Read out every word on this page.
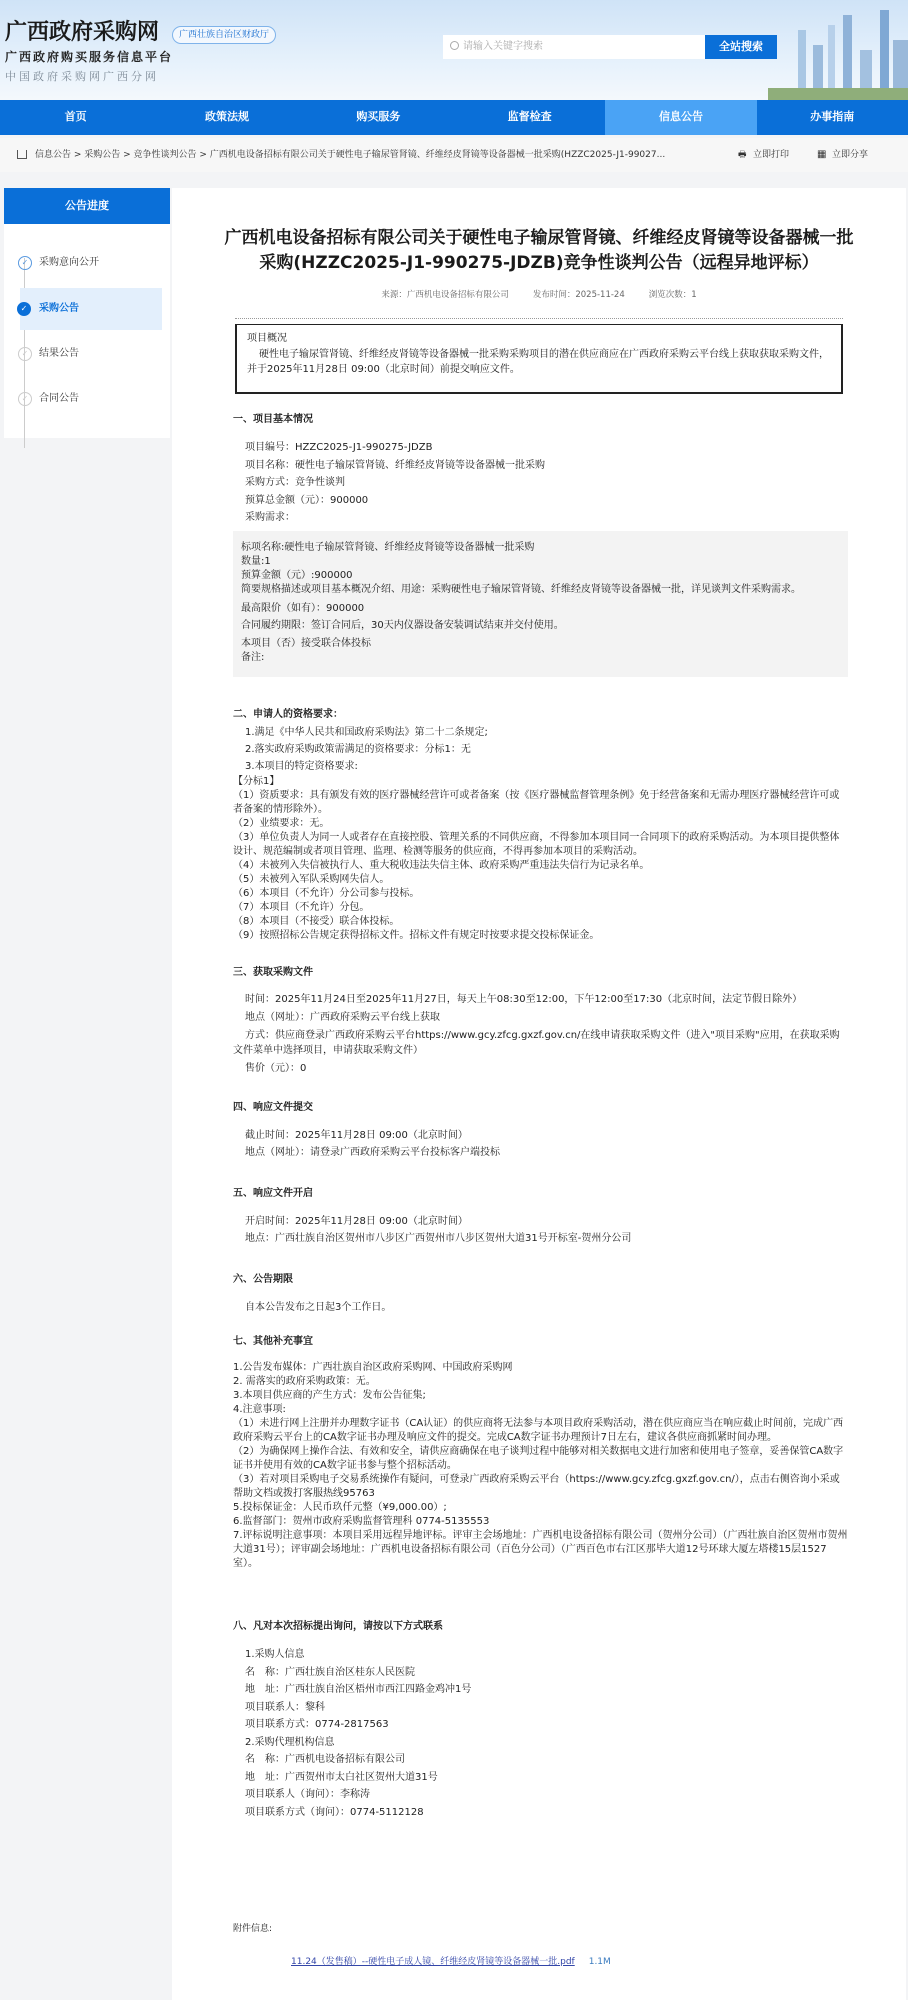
广西政府采购网	广西壮族自治区财政厅
广西政府购买服务信息平台
中国政府采购网广西分网
请输入关键字搜索	全站搜索
首页	政策法规	购买服务	监督检查	信息公告	办事指南
信息公告 > 采购公告 > 竞争性谈判公告 > 广西机电设备招标有限公司关于硬性电子输尿管肾镜、纤维经皮肾镜等设备器械一批采购(HZZC2025-J1-99027...	🖶 立即打印	▦ 立即分享
公告进度
✓	采购意向公开
✓	采购公告
✓	结果公告
✓	合同公告
广西机电设备招标有限公司关于硬性电子输尿管肾镜、纤维经皮肾镜等设备器械一批
采购(HZZC2025-J1-990275-JDZB)竞争性谈判公告（远程异地评标）
来源：广西机电设备招标有限公司	发布时间：2025-11-24	浏览次数：1
项目概况
硬性电子输尿管肾镜、纤维经皮肾镜等设备器械一批采购采购项目的潜在供应商应在广西政府采购云平台线上获取获取采购文件，并于2025年11月28日 09:00（北京时间）前提交响应文件。
一、项目基本情况
项目编号：HZZC2025-J1-990275-JDZB
项目名称：硬性电子输尿管肾镜、纤维经皮肾镜等设备器械一批采购
采购方式：竞争性谈判
预算总金额（元）：900000
采购需求：
标项名称:硬性电子输尿管肾镜、纤维经皮肾镜等设备器械一批采购
数量:1
预算金额（元）:900000
简要规格描述或项目基本概况介绍、用途：采购硬性电子输尿管肾镜、纤维经皮肾镜等设备器械一批，详见谈判文件采购需求。
最高限价（如有）：900000
合同履约期限：签订合同后，30天内仪器设备安装调试结束并交付使用。
本项目（否）接受联合体投标
备注:
二、申请人的资格要求：
1.满足《中华人民共和国政府采购法》第二十二条规定;
2.落实政府采购政策需满足的资格要求：分标1：无
3.本项目的特定资格要求:
【分标1】
（1）资质要求：具有颁发有效的医疗器械经营许可或者备案（按《医疗器械监督管理条例》免于经营备案和无需办理医疗器械经营许可或者备案的情形除外）。
（2）业绩要求：无。
（3）单位负责人为同一人或者存在直接控股、管理关系的不同供应商，不得参加本项目同一合同项下的政府采购活动。为本项目提供整体设计、规范编制或者项目管理、监理、检测等服务的供应商，不得再参加本项目的采购活动。
（4）未被列入失信被执行人、重大税收违法失信主体、政府采购严重违法失信行为记录名单。
（5）未被列入军队采购网失信人。
（6）本项目（不允许）分公司参与投标。
（7）本项目（不允许）分包。
（8）本项目（不接受）联合体投标。
（9）按照招标公告规定获得招标文件。招标文件有规定时按要求提交投标保证金。
三、获取采购文件
时间：2025年11月24日至2025年11月27日，每天上午08:30至12:00，下午12:00至17:30（北京时间，法定节假日除外）
地点（网址）：广西政府采购云平台线上获取
方式：供应商登录广西政府采购云平台https://www.gcy.zfcg.gxzf.gov.cn/在线申请获取采购文件（进入"项目采购"应用，在获取采购文件菜单中选择项目，申请获取采购文件）
售价（元）：0
四、响应文件提交
截止时间：2025年11月28日 09:00（北京时间）
地点（网址）：请登录广西政府采购云平台投标客户端投标
五、响应文件开启
开启时间：2025年11月28日 09:00（北京时间）
地点：广西壮族自治区贺州市八步区广西贺州市八步区贺州大道31号开标室-贺州分公司
六、公告期限
自本公告发布之日起3个工作日。
七、其他补充事宜
1.公告发布媒体：广西壮族自治区政府采购网、中国政府采购网
2. 需落实的政府采购政策：无。
3.本项目供应商的产生方式：发布公告征集;
4.注意事项:
（1）未进行网上注册并办理数字证书（CA认证）的供应商将无法参与本项目政府采购活动，潜在供应商应当在响应截止时间前，完成广西政府采购云平台上的CA数字证书办理及响应文件的提交。完成CA数字证书办理预计7日左右，建议各供应商抓紧时间办理。
（2）为确保网上操作合法、有效和安全，请供应商确保在电子谈判过程中能够对相关数据电文进行加密和使用电子签章，妥善保管CA数字证书并使用有效的CA数字证书参与整个招标活动。
（3）若对项目采购电子交易系统操作有疑问，可登录广西政府采购云平台（https://www.gcy.zfcg.gxzf.gov.cn/），点击右侧咨询小采或帮助文档或拨打客服热线95763
5.投标保证金：人民币玖仟元整（¥9,000.00）;
6.监督部门：贺州市政府采购监督管理科 0774-5135553
7.评标说明注意事项：本项目采用远程异地评标。评审主会场地址：广西机电设备招标有限公司（贺州分公司）（广西壮族自治区贺州市贺州大道31号）；评审副会场地址：广西机电设备招标有限公司（百色分公司）（广西百色市右江区那毕大道12号环球大厦左塔楼15层1527室）。
八、凡对本次招标提出询问，请按以下方式联系
1.采购人信息
名　称：广西壮族自治区桂东人民医院
地　址：广西壮族自治区梧州市西江四路金鸡冲1号
项目联系人：黎科
项目联系方式：0774-2817563
2.采购代理机构信息
名　称：广西机电设备招标有限公司
地　址：广西贺州市太白社区贺州大道31号
项目联系人（询问）：李称涛
项目联系方式（询问）：0774-5112128
附件信息:
11.24（发售稿）--硬性电子成人镜、纤维经皮肾镜等设备器械一批.pdf 1.1M
